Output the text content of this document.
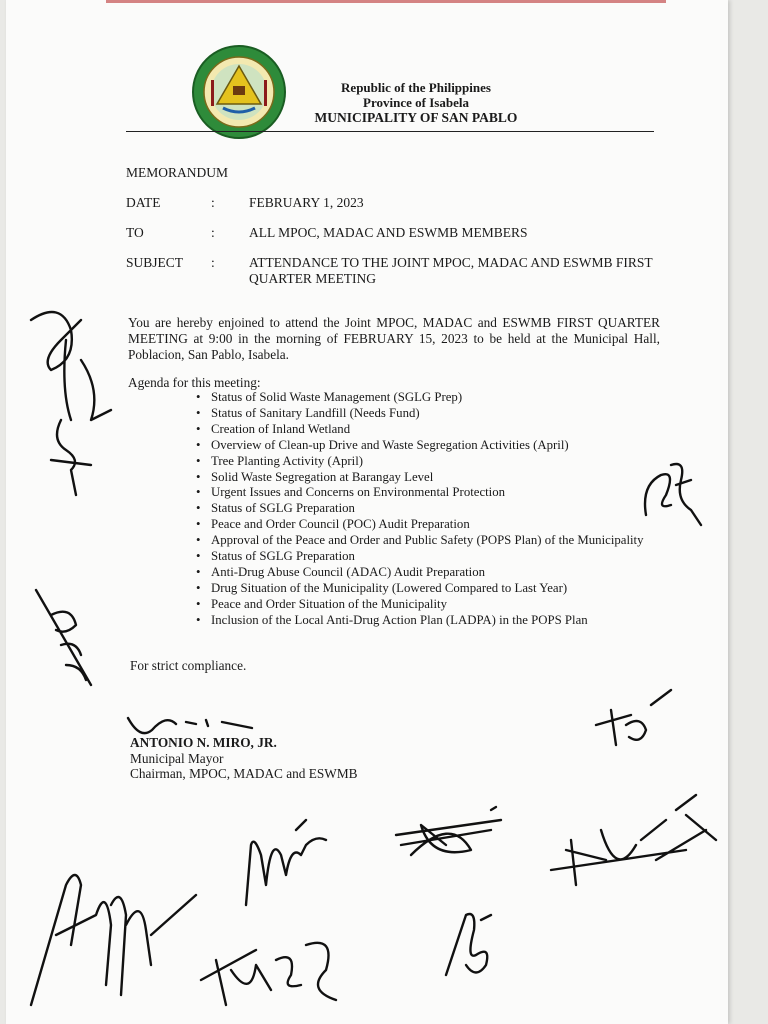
Republic of the Philippines
Province of Isabela
MUNICIPALITY OF SAN PABLO
MEMORANDUM
DATE	:	FEBRUARY 1, 2023
TO	:	ALL MPOC, MADAC AND ESWMB MEMBERS
SUBJECT :	ATTENDANCE TO THE JOINT MPOC, MADAC AND ESWMB FIRST QUARTER MEETING
You are hereby enjoined to attend the Joint MPOC, MADAC and ESWMB FIRST QUARTER MEETING at 9:00 in the morning of FEBRUARY 15, 2023 to be held at the Municipal Hall, Poblacion, San Pablo, Isabela.
Agenda for this meeting:
• Status of Solid Waste Management (SGLG Prep)
• Status of Sanitary Landfill (Needs Fund)
• Creation of Inland Wetland
• Overview of Clean-up Drive and Waste Segregation Activities (April)
• Tree Planting Activity (April)
• Solid Waste Segregation at Barangay Level
• Urgent Issues and Concerns on Environmental Protection
• Status of SGLG Preparation
• Peace and Order Council (POC) Audit Preparation
• Approval of the Peace and Order and Public Safety (POPS Plan) of the Municipality
• Status of SGLG Preparation
• Anti-Drug Abuse Council (ADAC) Audit Preparation
• Drug Situation of the Municipality (Lowered Compared to Last Year)
• Peace and Order Situation of the Municipality
• Inclusion of the Local Anti-Drug Action Plan (LADPA) in the POPS Plan
For strict compliance.
ANTONIO N. MIRO, JR.
Municipal Mayor
Chairman, MPOC, MADAC and ESWMB
